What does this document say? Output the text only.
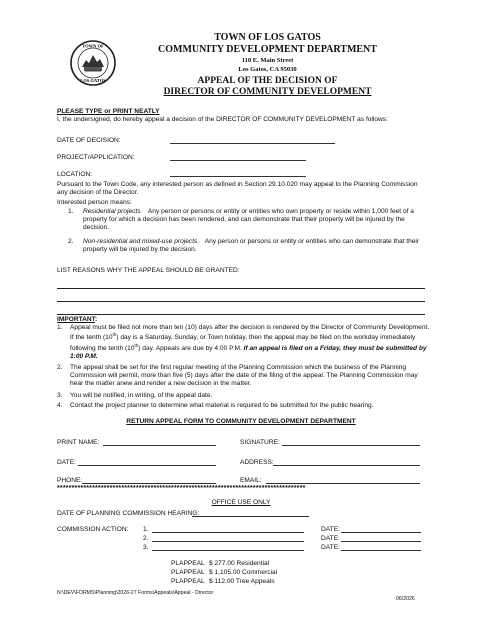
TOWN OF
LOS GATOS
TOWN OF LOS GATOS
COMMUNITY DEVELOPMENT DEPARTMENT
110 E. Main Street
Los Gatos, CA 95030
APPEAL OF THE DECISION OF
DIRECTOR OF COMMUNITY DEVELOPMENT
PLEASE TYPE or PRINT NEATLY
I, the undersigned, do hereby appeal a decision of the DIRECTOR OF COMMUNITY DEVELOPMENT as follows:
DATE OF DECISION:
PROJECT/APPLICATION:
LOCATION:
Pursuant to the Town Code, any interested person as defined in Section 29.10.020 may appeal to the Planning Commission any decision of the Director.
Interested person means:
1. Residential projects. Any person or persons or entity or entities who own property or reside within 1,000 feet of a property for which a decision has been rendered, and can demonstrate that their property will be injured by the decision.
2. Non-residential and mixed-use projects. Any person or persons or entity or entities who can demonstrate that their property will be injured by the decision.
LIST REASONS WHY THE APPEAL SHOULD BE GRANTED:
IMPORTANT:
1. Appeal must be filed not more than ten (10) days after the decision is rendered by the Director of Community Development. If the tenth (10th) day is a Saturday, Sunday, or Town holiday, then the appeal may be filed on the workday immediately following the tenth (10th) day. Appeals are due by 4:00 P.M. If an appeal is filed on a Friday, they must be submitted by 1:00 P.M.
2. The appeal shall be set for the first regular meeting of the Planning Commission which the business of the Planning Commission will permit, more than five (5) days after the date of the filing of the appeal. The Planning Commission may hear the matter anew and render a new decision in the matter.
3. You will be notified, in writing, of the appeal date.
4. Contact the project planner to determine what material is required to be submitted for the public hearing.
RETURN APPEAL FORM TO COMMUNITY DEVELOPMENT DEPARTMENT
PRINT NAME:	SIGNATURE:
DATE:	ADDRESS:
PHONE:	EMAIL:
*************************************************************************************
OFFICE USE ONLY
DATE OF PLANNING COMMISSION HEARING:
COMMISSION ACTION: 1.	DATE:
2.	DATE:
3.	DATE:
PLAPPEAL $ 277.00 Residential
PLAPPEAL $ 1,105.00 Commercial
PLAPPEAL $ 112.00 Tree Appeals
N:\DEV\FORMS\Planning\2026-27 Forms\Appeals\Appeal - Director
06/2026
